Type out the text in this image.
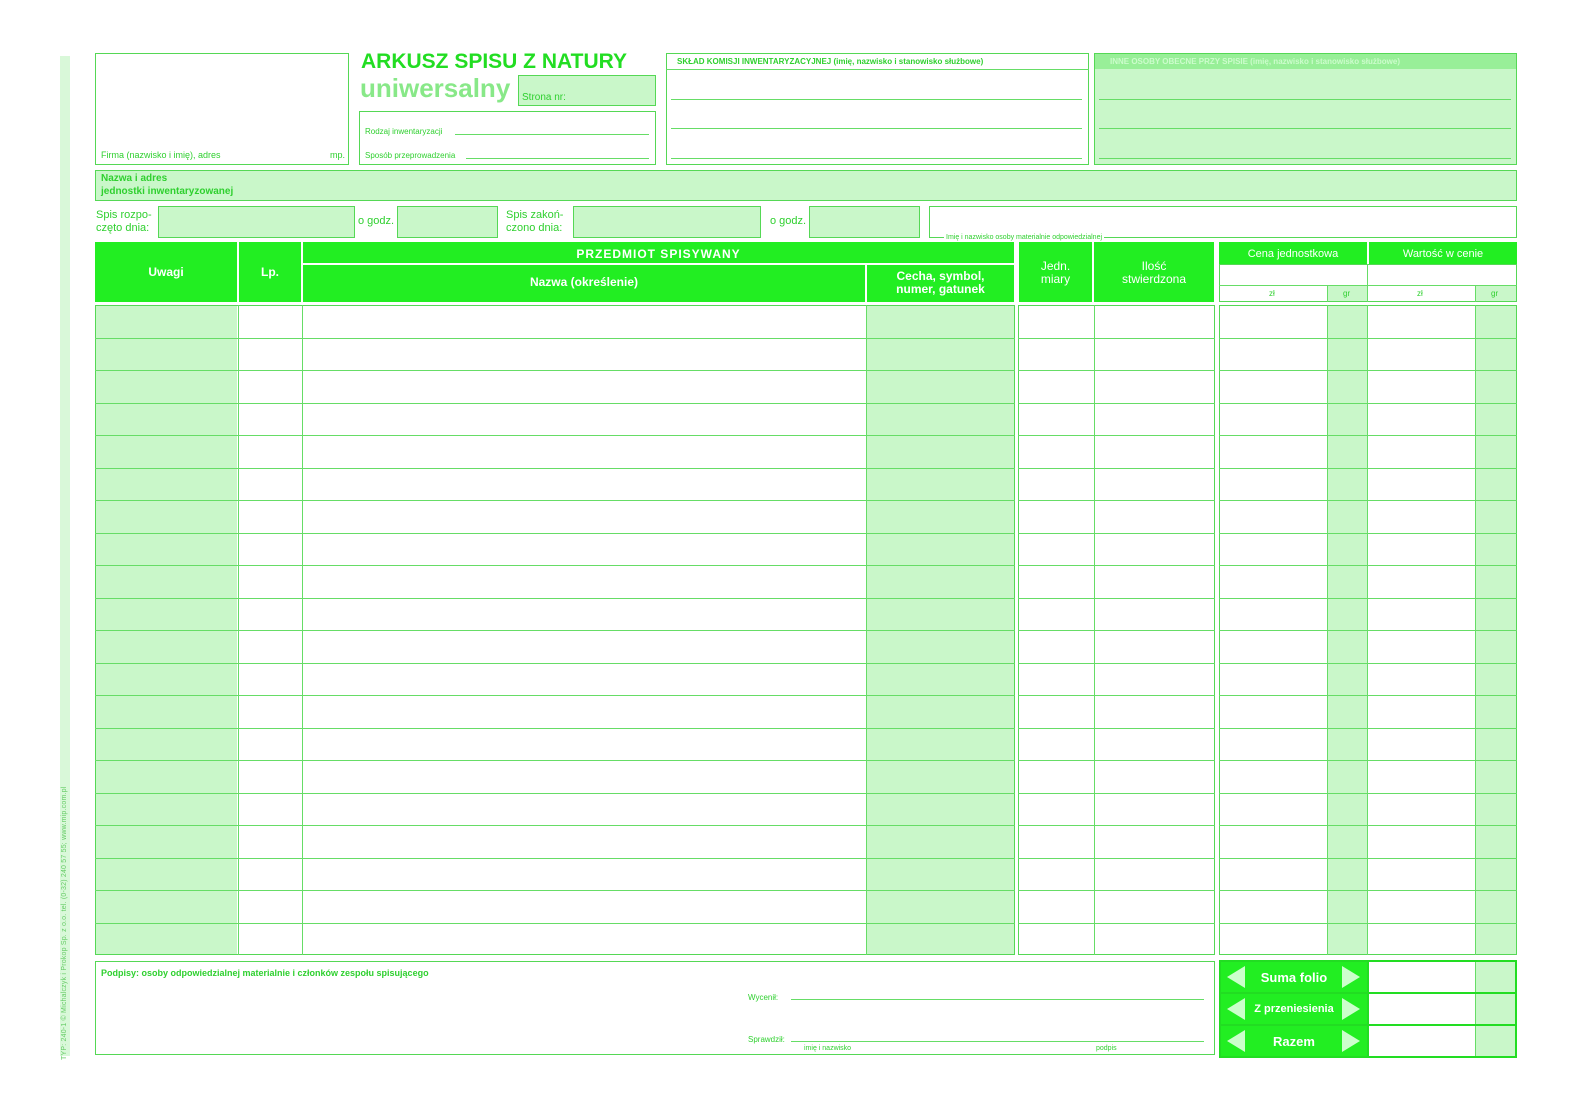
TYP: 240-1 © Michalczyk i Prokop Sp. z o.o. tel. (0-32) 240 57 55; www.mip.com.pl
Firma (nazwisko i imię), adres	mp.
ARKUSZ SPISU Z NATURY
uniwersalny Strona nr:
Rodzaj inwentaryzacji
Sposób przeprowadzenia
SKŁAD KOMISJI INWENTARYZACYJNEJ (imię, nazwisko i stanowisko służbowe)	INNE OSOBY OBECNE PRZY SPISIE (imię, nazwisko i stanowisko służbowe)
Nazwa i adres
jednostki inwentaryzowanej
Spis rozpo-
częto dnia:
o godz.	Spis zakoń-
czono dnia:
o godz.
Imię i nazwisko osoby materialnie odpowiedzialnej
Uwagi	Lp.
PRZEDMIOT SPISYWANY
Nazwa (określenie)	Cecha, symbol,
numer, gatunek
Jedn.
miary
Ilość
stwierdzona
Cena jednostkowa	Wartość w cenie
zł	gr	zł	gr
Podpisy: osoby odpowiedzialnej materialnie i członków zespołu spisującego
Wycenił:
Sprawdził:
imię i nazwisko	podpis
Suma folio
Z przeniesienia
Razem
